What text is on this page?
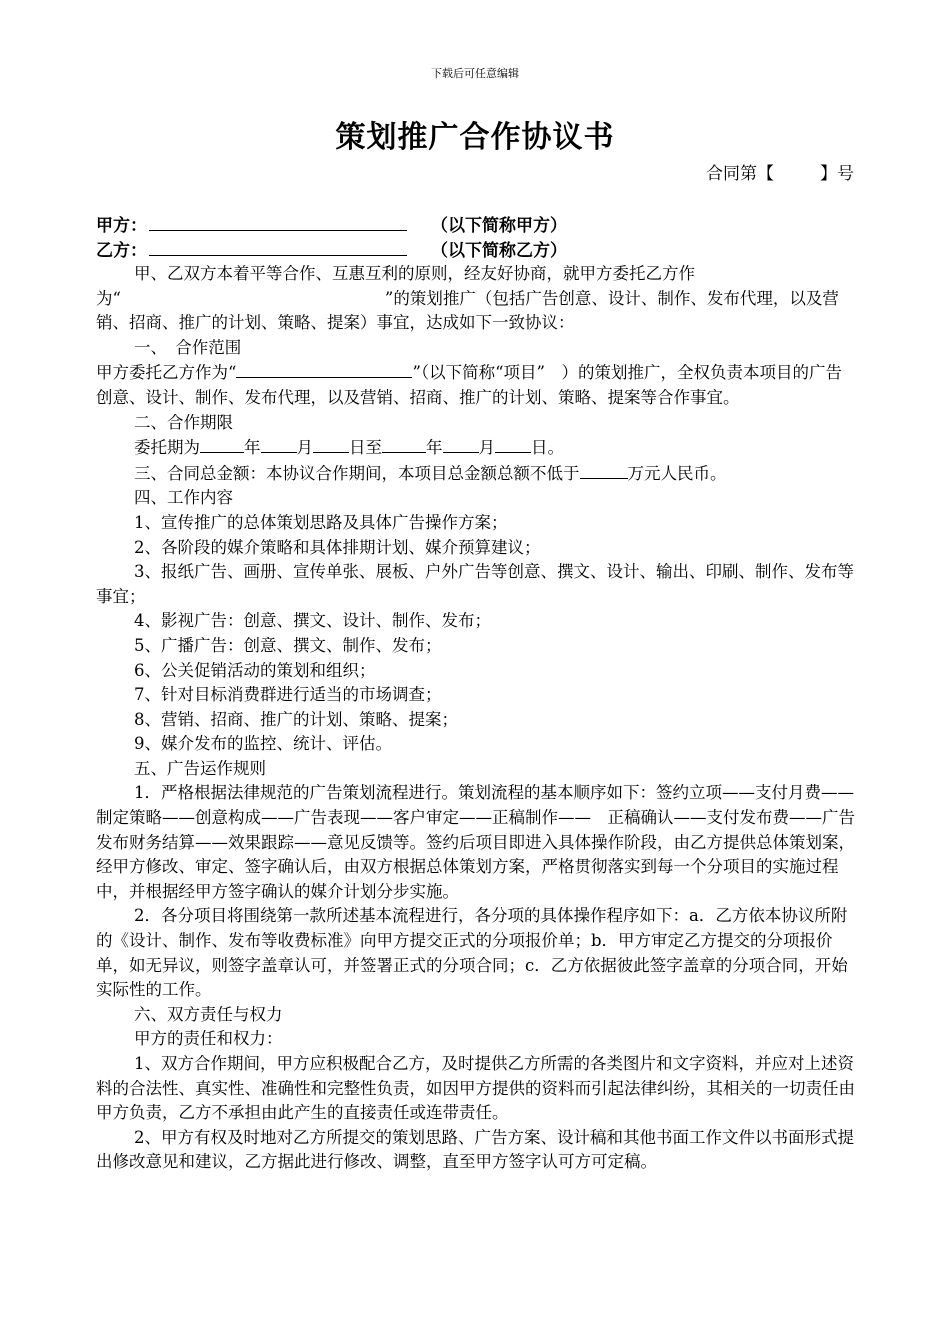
下载后可任意编辑
策划推广合作协议书
合同第【	】号
甲方：	（以下简称甲方）
乙方：	（以下简称乙方）

甲、乙双方本着平等合作、互惠互利的原则，经友好协商，就甲方委托乙方作为“　　　　　　　　　　　　　　　　”的策划推广（包括广告创意、设计、制作、发布代理，以及营销、招商、推广的计划、策略、提案）事宜，达成如下一致协议：

一、　合作范围

甲方委托乙方作为“	”（以下简称“项目”　）的策划推广，全权负责本项目的广告创意、设计、制作、发布代理，以及营销、招商、推广的计划、策略、提案等合作事宜。

二、合作期限

委托期为	年 月 日至	年 月 日。

三、合同总金额：本协议合作期间，本项目总金额总额不低于	万元人民币。

四、工作内容

1、宣传推广的总体策划思路及具体广告操作方案；

2、各阶段的媒介策略和具体排期计划、媒介预算建议；

3、报纸广告、画册、宣传单张、展板、户外广告等创意、撰文、设计、输出、印刷、制作、发布等事宜；

4、影视广告：创意、撰文、设计、制作、发布；

5、广播广告：创意、撰文、制作、发布；

6、公关促销活动的策划和组织；

7、针对目标消费群进行适当的市场调查；

8、营销、招商、推广的计划、策略、提案；

9、媒介发布的监控、统计、评估。

五、广告运作规则

1．严格根据法律规范的广告策划流程进行。策划流程的基本顺序如下：签约立项——支付月费——制定策略——创意构成——广告表现——客户审定——正稿制作——　正稿确认——支付发布费——广告发布财务结算——效果跟踪——意见反馈等。签约后项目即进入具体操作阶段，由乙方提供总体策划案，经甲方修改、审定、签字确认后，由双方根据总体策划方案，严格贯彻落实到每一个分项目的实施过程中，并根据经甲方签字确认的媒介计划分步实施。

2．各分项目将围绕第一款所述基本流程进行，各分项的具体操作程序如下：a．乙方依本协议所附的《设计、制作、发布等收费标准》向甲方提交正式的分项报价单；b．甲方审定乙方提交的分项报价单，如无异议，则签字盖章认可，并签署正式的分项合同；c．乙方依据彼此签字盖章的分项合同，开始实际性的工作。

六、双方责任与权力

甲方的责任和权力：

1、双方合作期间，甲方应积极配合乙方，及时提供乙方所需的各类图片和文字资料，并应对上述资料的合法性、真实性、准确性和完整性负责，如因甲方提供的资料而引起法律纠纷，其相关的一切责任由甲方负责，乙方不承担由此产生的直接责任或连带责任。

2、甲方有权及时地对乙方所提交的策划思路、广告方案、设计稿和其他书面工作文件以书面形式提出修改意见和建议，乙方据此进行修改、调整，直至甲方签字认可方可定稿。
